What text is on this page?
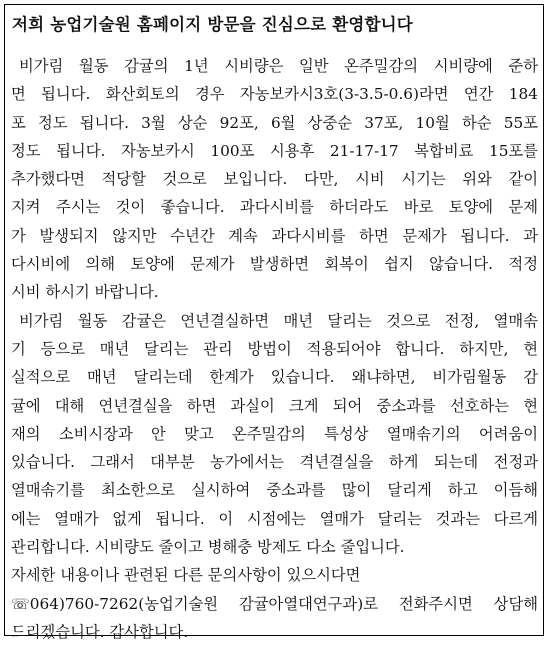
저희 농업기술원 홈페이지 방문을 진심으로 환영합니다
비가림 월동 감귤의 1년 시비량은 일반 온주밀감의 시비량에 준하
면 됩니다. 화산회토의 경우 자농보카시3호(3-3.5-0.6)라면 연간 184
포 정도 됩니다. 3월 상순 92포, 6월 상중순 37포, 10월 하순 55포
정도 됩니다. 자농보카시 100포 시용후 21-17-17 복합비료 15포를
추가했다면 적당할 것으로 보입니다. 다만, 시비 시기는 위와 같이
지켜 주시는 것이 좋습니다. 과다시비를 하더라도 바로 토양에 문제
가 발생되지 않지만 수년간 계속 과다시비를 하면 문제가 됩니다. 과
다시비에 의해 토양에 문제가 발생하면 회복이 쉽지 않습니다. 적정
시비 하시기 바랍니다.
비가림 월동 감귤은 연년결실하면 매년 달리는 것으로 전정, 열매솎
기 등으로 매년 달리는 관리 방법이 적용되어야 합니다. 하지만, 현
실적으로 매년 달리는데 한계가 있습니다. 왜냐하면, 비가림월동 감
귤에 대해 연년결실을 하면 과실이 크게 되어 중소과를 선호하는 현
재의 소비시장과 안 맞고 온주밀감의 특성상 열매솎기의 어려움이
있습니다. 그래서 대부분 농가에서는 격년결실을 하게 되는데 전정과
열매솎기를 최소한으로 실시하여 중소과를 많이 달리게 하고 이듬해
에는 열매가 없게 됩니다. 이 시점에는 열매가 달리는 것과는 다르게
관리합니다. 시비량도 줄이고 병해충 방제도 다소 줄입니다.
자세한 내용이나 관련된 다른 문의사항이 있으시다면
☏064)760-7262(농업기술원 감귤아열대연구과)로 전화주시면 상담해
드리겠습니다. 감사합니다.
